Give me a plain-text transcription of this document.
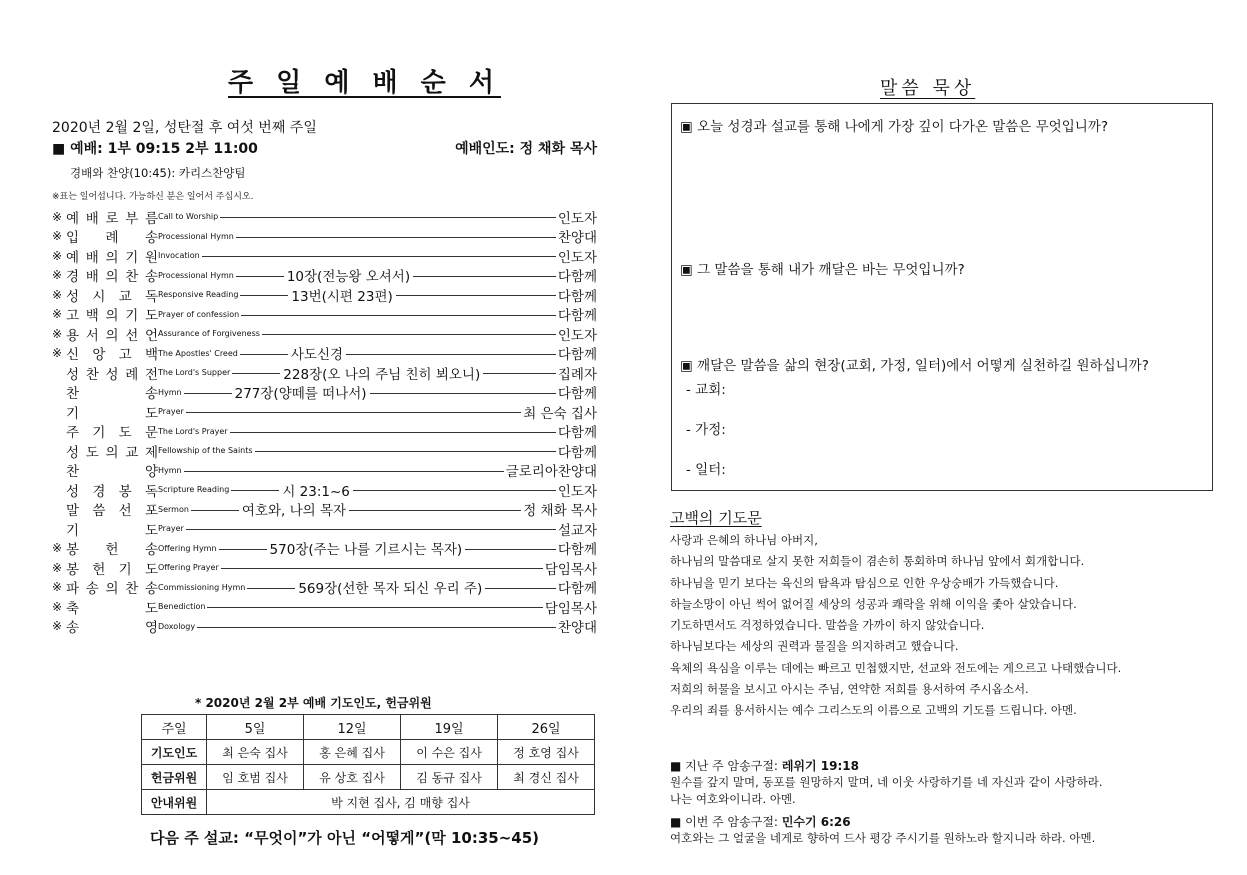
주 일 예 배 순 서
2020년 2월 2일, 성탄절 후 여섯 번째 주일
■ 예배: 1부 09:15 2부 11:00	예배인도: 정 채화 목사
경배와 찬양(10:45): 카리스찬양팀
※표는 일어섭니다. 가능하신 분은 일어서 주십시오.
※ 예 배 로 부 름 Call to Worship	인도자
※ 입 례 송 Processional Hymn	찬양대
※ 예 배 의 기 원 Invocation	인도자
※ 경 배 의 찬 송 Processional Hymn	10장(전능왕 오셔서)	다함께
※ 성 시 교 독 Responsive Reading	13번(시편 23편)	다함께
※ 고 백 의 기 도 Prayer of confession	다함께
※ 용 서 의 선 언 Assurance of Forgiveness	인도자
※ 신 앙 고 백 The Apostles' Creed	사도신경	다함께
성 찬 성 례 전 The Lord's Supper	228장(오 나의 주님 친히 뵈오니)	집례자
찬	송 Hymn	277장(양떼를 떠나서)	다함께
기	도 Prayer	최 은숙 집사
주 기 도 문 The Lord's Prayer	다함께
성 도 의 교 제 Fellowship of the Saints	다함께
찬	양 Hymn	글로리아찬양대
성 경 봉 독 Scripture Reading	시 23:1~6	인도자
말 씀 선 포 Sermon	여호와, 나의 목자	정 채화 목사
기	도 Prayer	설교자
※ 봉 헌 송 Offering Hymn	570장(주는 나를 기르시는 목자)	다함께
※ 봉 헌 기 도 Offering Prayer	담임목사
※ 파 송 의 찬 송 Commissioning Hymn	569장(선한 목자 되신 우리 주)	다함께
※ 축	도 Benediction	담임목사
※ 송	영 Doxology	찬양대
* 2020년 2월 2부 예배 기도인도, 헌금위원
주일	5일	12일	19일	26일
기도인도	최 은숙 집사	홍 은혜 집사	이 수은 집사	정 호영 집사
헌금위원	임 호범 집사	유 상호 집사	김 동규 집사	최 경신 집사
안내위원	박 지현 집사, 김 매향 집사			
다음 주 설교: “무엇이”가 아닌 “어떻게”(막 10:35~45)
말씀 묵상
▣ 오늘 성경과 설교를 통해 나에게 가장 깊이 다가온 말씀은 무엇입니까?
▣ 그 말씀을 통해 내가 깨달은 바는 무엇입니까?
▣ 깨달은 말씀을 삶의 현장(교회, 가정, 일터)에서 어떻게 실천하길 원하십니까?
- 교회:
- 가정:
- 일터:
고백의 기도문
사랑과 은혜의 하나님 아버지,
하나님의 말씀대로 살지 못한 저희들이 겸손히 통회하며 하나님 앞에서 회개합니다.
하나님을 믿기 보다는 육신의 탐욕과 탐심으로 인한 우상숭배가 가득했습니다.
하늘소망이 아닌 썩어 없어질 세상의 성공과 쾌락을 위해 이익을 좇아 살았습니다.
기도하면서도 걱정하였습니다. 말씀을 가까이 하지 않았습니다.
하나님보다는 세상의 권력과 물질을 의지하려고 했습니다.
육체의 욕심을 이루는 데에는 빠르고 민첩했지만, 선교와 전도에는 게으르고 나태했습니다.
저희의 허물을 보시고 아시는 주님, 연약한 저희를 용서하여 주시옵소서.
우리의 죄를 용서하시는 예수 그리스도의 이름으로 고백의 기도를 드립니다. 아멘.
■ 지난 주 암송구절: 레위기 19:18
원수를 갚지 말며, 동포를 원망하지 말며, 네 이웃 사랑하기를 네 자신과 같이 사랑하라.
나는 여호와이니라. 아멘.
■ 이번 주 암송구절: 민수기 6:26
여호와는 그 얼굴을 네게로 향하여 드사 평강 주시기를 원하노라 할지니라 하라. 아멘.
